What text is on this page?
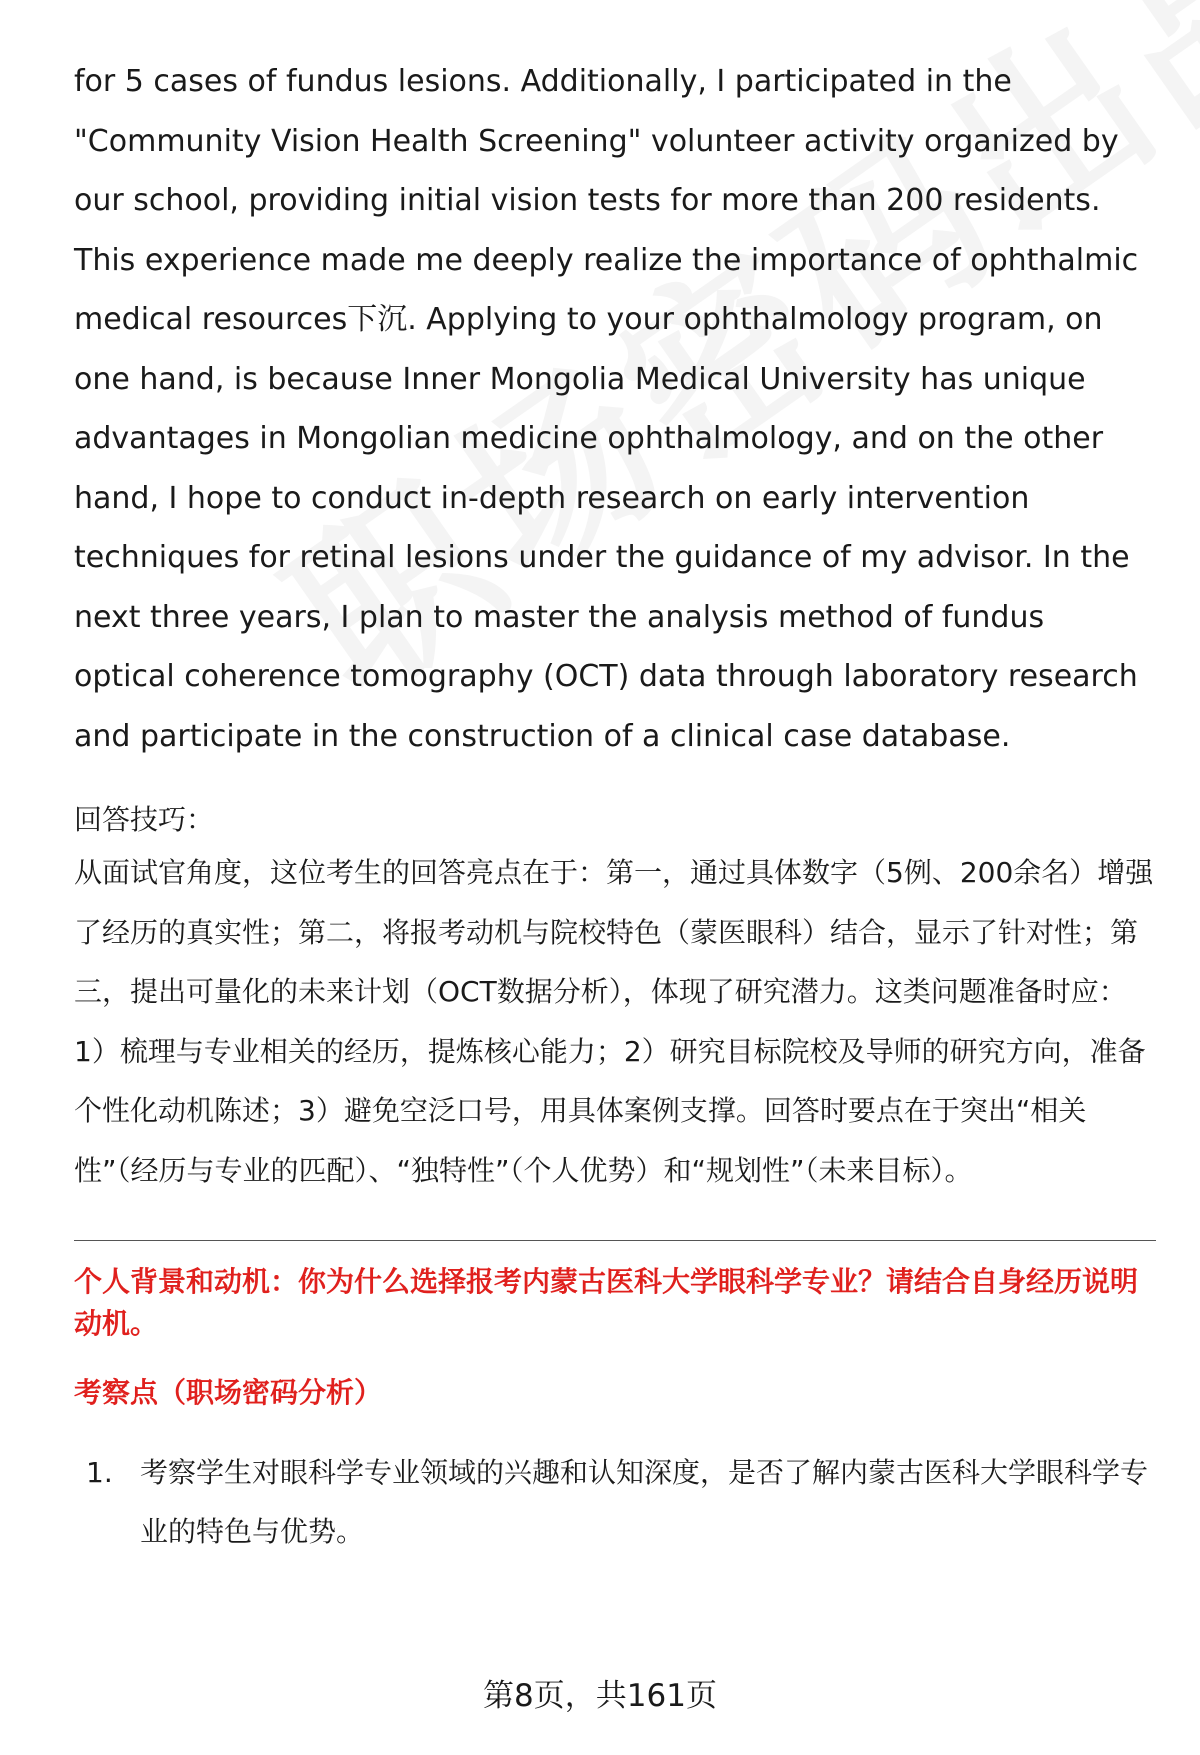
for 5 cases of fundus lesions. Additionally, I participated in the "Community Vision Health Screening" volunteer activity organized by our school, providing initial vision tests for more than 200 residents. This experience made me deeply realize the importance of ophthalmic medical resources下沉. Applying to your ophthalmology program, on one hand, is because Inner Mongolia Medical University has unique advantages in Mongolian medicine ophthalmology, and on the other hand, I hope to conduct in-depth research on early intervention techniques for retinal lesions under the guidance of my advisor. In the next three years, I plan to master the analysis method of fundus optical coherence tomography (OCT) data through laboratory research and participate in the construction of a clinical case database.

回答技巧：

从面试官角度，这位考生的回答亮点在于：第一，通过具体数字（5例、200余名）增强了经历的真实性；第二，将报考动机与院校特色（蒙医眼科）结合，显示了针对性；第三，提出可量化的未来计划（OCT数据分析），体现了研究潜力。这类问题准备时应：1）梳理与专业相关的经历，提炼核心能力；2）研究目标院校及导师的研究方向，准备个性化动机陈述；3）避免空泛口号，用具体案例支撑。回答时要点在于突出“相关性”（经历与专业的匹配）、“独特性”（个人优势）和“规划性”（未来目标）。

个人背景和动机：你为什么选择报考内蒙古医科大学眼科学专业？请结合自身经历说明动机。
考察点（职场密码分析）
1. 考察学生对眼科学专业领域的兴趣和认知深度，是否了解内蒙古医科大学眼科学专业的特色与优势。
第8页，共161页
